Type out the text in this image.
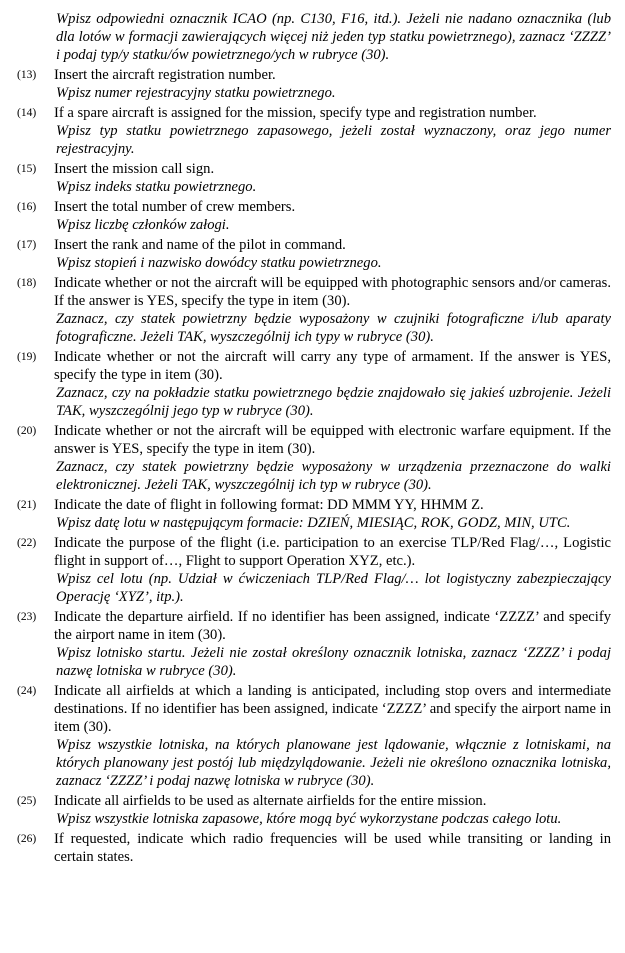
Wpisz odpowiedni oznacznik ICAO (np. C130, F16, itd.). Jeżeli nie nadano oznacznika (lub dla lotów w formacji zawierających więcej niż jeden typ statku powietrznego), zaznacz ‘ZZZZ’ i podaj typ/y statku/ów powietrznego/ych w rubryce (30).
(13)	Insert the aircraft registration number.
Wpisz numer rejestracyjny statku powietrznego.
(14)	If a spare aircraft is assigned for the mission, specify type and registration number.
Wpisz typ statku powietrznego zapasowego, jeżeli został wyznaczony, oraz jego numer rejestracyjny.
(15)	Insert the mission call sign.
Wpisz indeks statku powietrznego.
(16)	Insert the total number of crew members.
Wpisz liczbę członków załogi.
(17)	Insert the rank and name of the pilot in command.
Wpisz stopień i nazwisko dowódcy statku powietrznego.
(18)	Indicate whether or not the aircraft will be equipped with photographic sensors and/or cameras. If the answer is YES, specify the type in item (30).
Zaznacz, czy statek powietrzny będzie wyposażony w czujniki fotograficzne i/lub aparaty fotograficzne. Jeżeli TAK, wyszczególnij ich typy w rubryce (30).
(19)	Indicate whether or not the aircraft will carry any type of armament. If the answer is YES, specify the type in item (30).
Zaznacz, czy na pokładzie statku powietrznego będzie znajdowało się jakieś uzbrojenie. Jeżeli TAK, wyszczególnij jego typ w rubryce (30).
(20)	Indicate whether or not the aircraft will be equipped with electronic warfare equipment. If the answer is YES, specify the type in item (30).
Zaznacz, czy statek powietrzny będzie wyposażony w urządzenia przeznaczone do walki elektronicznej. Jeżeli TAK, wyszczególnij ich typ w rubryce (30).
(21)	Indicate the date of flight in following format: DD MMM YY, HHMM Z.
Wpisz datę lotu w następującym formacie: DZIEŃ, MIESIĄC, ROK, GODZ, MIN, UTC.
(22)	Indicate the purpose of the flight (i.e. participation to an exercise TLP/Red Flag/…, Logistic flight in support of…, Flight to support Operation XYZ, etc.).
Wpisz cel lotu (np. Udział w ćwiczeniach TLP/Red Flag/… lot logistyczny zabezpieczający Operację ‘XYZ’, itp.).
(23)	Indicate the departure airfield. If no identifier has been assigned, indicate ‘ZZZZ’ and specify the airport name in item (30).
Wpisz lotnisko startu. Jeżeli nie został określony oznacznik lotniska, zaznacz ‘ZZZZ’ i podaj nazwę lotniska w rubryce (30).
(24)	Indicate all airfields at which a landing is anticipated, including stop overs and intermediate destinations. If no identifier has been assigned, indicate ‘ZZZZ’ and specify the airport name in item (30).
Wpisz wszystkie lotniska, na których planowane jest lądowanie, włącznie z lotniskami, na których planowany jest postój lub międzylądowanie. Jeżeli nie określono oznacznika lotniska, zaznacz ‘ZZZZ’ i podaj nazwę lotniska w rubryce (30).
(25)	Indicate all airfields to be used as alternate airfields for the entire mission.
Wpisz wszystkie lotniska zapasowe, które mogą być wykorzystane podczas całego lotu.
(26)	If requested, indicate which radio frequencies will be used while transiting or landing in certain states.
